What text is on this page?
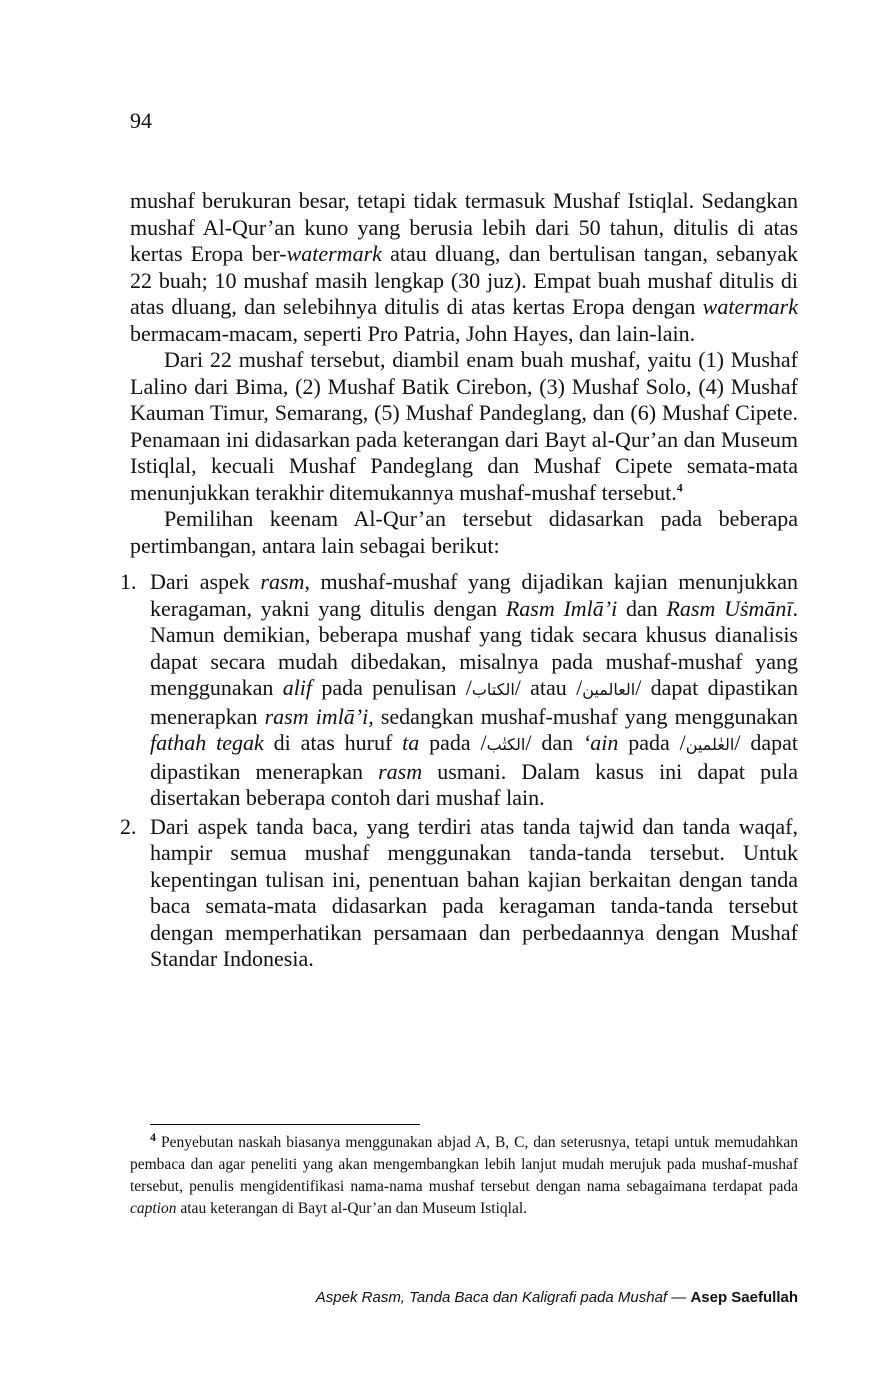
94

mushaf berukuran besar, tetapi tidak termasuk Mushaf Istiqlal. Sedangkan mushaf Al-Qur’an kuno yang berusia lebih dari 50 tahun, ditulis di atas kertas Eropa ber-watermark atau dluang, dan bertulisan tangan, sebanyak 22 buah; 10 mushaf masih lengkap (30 juz). Empat buah mushaf ditulis di atas dluang, dan selebihnya ditulis di atas kertas Eropa dengan watermark bermacam-macam, seperti Pro Patria, John Hayes, dan lain-lain.

Dari 22 mushaf tersebut, diambil enam buah mushaf, yaitu (1) Mushaf Lalino dari Bima, (2) Mushaf Batik Cirebon, (3) Mushaf Solo, (4) Mushaf Kauman Timur, Semarang, (5) Mushaf Pandeglang, dan (6) Mushaf Cipete. Penamaan ini didasarkan pada keterangan dari Bayt al-Qur’an dan Museum Istiqlal, kecuali Mushaf Pandeglang dan Mushaf Cipete semata-mata menunjukkan terakhir ditemukannya mushaf-mushaf tersebut.$^4$

Pemilihan keenam Al-Qur’an tersebut didasarkan pada beberapa pertimbangan, antara lain sebagai berikut:

1. Dari aspek rasm, mushaf-mushaf yang dijadikan kajian menunjukkan keragaman, yakni yang ditulis dengan Rasm Imlā’i dan Rasm Uṡmānī. Namun demikian, beberapa mushaf yang tidak secara khusus dianalisis dapat secara mudah dibedakan, misalnya pada mushaf-mushaf yang menggunakan alif pada penulisan /الكتاب/ atau /العالمين/ dapat dipastikan menerapkan rasm imlā’i, sedangkan mushaf-mushaf yang menggunakan fathah tegak di atas huruf ta pada /الكتٰب/ dan ‘ain pada /العٰلمين/ dapat dipastikan menerapkan rasm usmani. Dalam kasus ini dapat pula disertakan beberapa contoh dari mushaf lain.
2. Dari aspek tanda baca, yang terdiri atas tanda tajwid dan tanda waqaf, hampir semua mushaf menggunakan tanda-tanda tersebut. Untuk kepentingan tulisan ini, penentuan bahan kajian berkaitan dengan tanda baca semata-mata didasarkan pada keragaman tanda-tanda tersebut dengan memperhatikan persamaan dan perbedaannya dengan Mushaf Standar Indonesia.
$^4$ Penyebutan naskah biasanya menggunakan abjad A, B, C, dan seterusnya, tetapi untuk memudahkan pembaca dan agar peneliti yang akan mengembangkan lebih lanjut mudah merujuk pada mushaf-mushaf tersebut, penulis mengidentifikasi nama-nama mushaf tersebut dengan nama sebagaimana terdapat pada caption atau keterangan di Bayt al-Qur’an dan Museum Istiqlal.
Aspek Rasm, Tanda Baca dan Kaligrafi pada Mushaf — Asep Saefullah
